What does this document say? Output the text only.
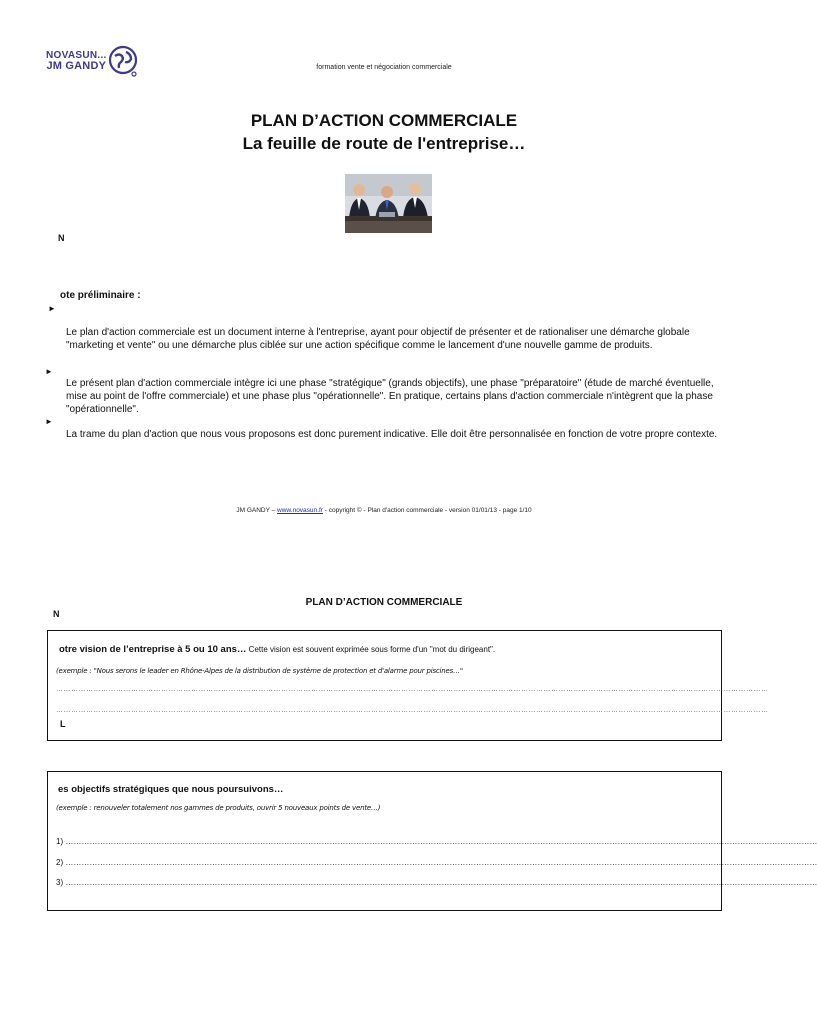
NOVASUN...
JM GANDY	formation vente et négociation commerciale
PLAN D’ACTION COMMERCIALE
La feuille de route de l'entreprise…
N
ote préliminaire :
►
Le plan d'action commerciale est un document interne à l'entreprise, ayant pour objectif de présenter et de rationaliser une démarche globale "marketing et vente" ou une démarche plus ciblée sur une action spécifique comme le lancement d'une nouvelle gamme de produits.
►
Le présent plan d'action commerciale intègre ici une phase "stratégique" (grands objectifs), une phase "préparatoire" (étude de marché éventuelle, mise au point de l'offre commerciale) et une phase plus "opérationnelle". En pratique, certains plans d'action commerciale n'intègrent que la phase "opérationnelle".
►
La trame du plan d'action que nous vous proposons est donc purement indicative. Elle doit être personnalisée en fonction de votre propre contexte.
JM GANDY – www.novasun.fr - copyright © - Plan d'action commerciale - version 01/01/13 - page 1/10
PLAN D’ACTION COMMERCIALE
N
otre vision de l’entreprise à 5 ou 10 ans… Cette vision est souvent exprimée sous forme d'un "mot du dirigeant".
(exemple : "Nous serons le leader en Rhône-Alpes de la distribution de système de protection et d'alarme pour piscines…"
……………………………………………………………………………………………………………………………………………………………………………………………………………………………………………………………
……………………………………………………………………………………………………………………………………………………………………………………………………………………………………………………………
L
es objectifs stratégiques que nous poursuivons…
(exemple : renouveler totalement nos gammes de produits, ouvrir 5 nouveaux points de vente…)
1) …………………………………………………………………………………………………………………………………………………………………………………………………………………………………………………………
2) …………………………………………………………………………………………………………………………………………………………………………………………………………………………………………………………
3) …………………………………………………………………………………………………………………………………………………………………………………………………………………………………………………………
